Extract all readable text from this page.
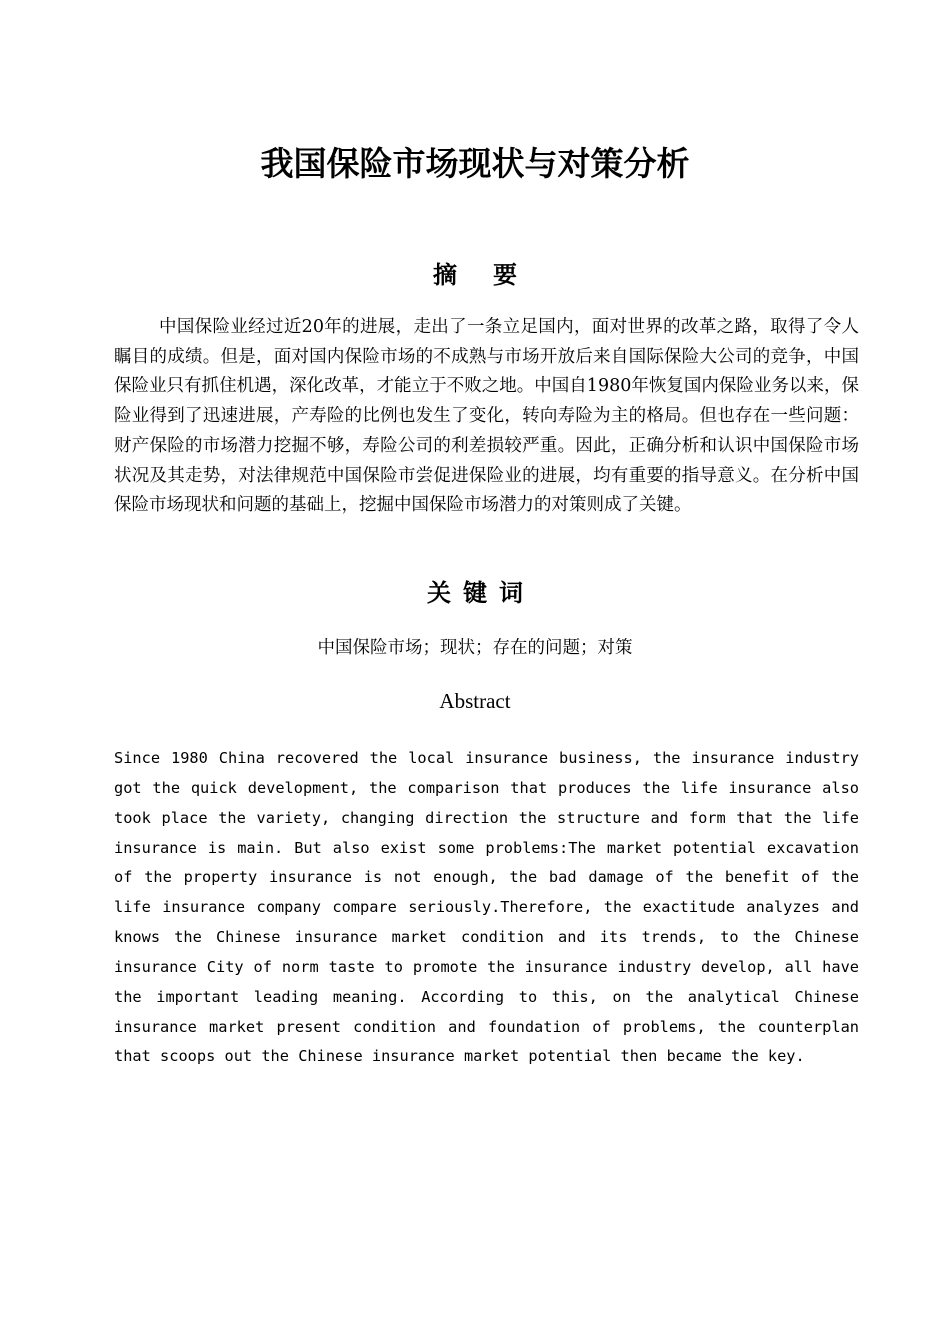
我国保险市场现状与对策分析
摘要

中国保险业经过近20年的进展，走出了一条立足国内，面对世界的改革之路，取得了令人瞩目的成绩。但是，面对国内保险市场的不成熟与市场开放后来自国际保险大公司的竞争，中国保险业只有抓住机遇，深化改革，才能立于不败之地。中国自1980年恢复国内保险业务以来，保险业得到了迅速进展，产寿险的比例也发生了变化，转向寿险为主的格局。但也存在一些问题：财产保险的市场潜力挖掘不够，寿险公司的利差损较严重。因此，正确分析和认识中国保险市场状况及其走势，对法律规范中国保险市尝促进保险业的进展，均有重要的指导意义。在分析中国保险市场现状和问题的基础上，挖掘中国保险市场潜力的对策则成了关键。

关键词
中国保险市场；现状；存在的问题；对策
Abstract

Since 1980 China recovered the local insurance business, the insurance industry got the quick development, the comparison that produces the life insurance also took place the variety, changing direction the structure and form that the life insurance is main. But also exist some problems:The market potential excavation of the property insurance is not enough, the bad damage of the benefit of the life insurance company compare seriously.Therefore, the exactitude analyzes and knows the Chinese insurance market condition and its trends, to the Chinese insurance City of norm taste to promote the insurance industry develop, all have the important leading meaning. According to this, on the analytical Chinese insurance market present condition and foundation of problems, the counterplan that scoops out the Chinese insurance market potential then became the key.
